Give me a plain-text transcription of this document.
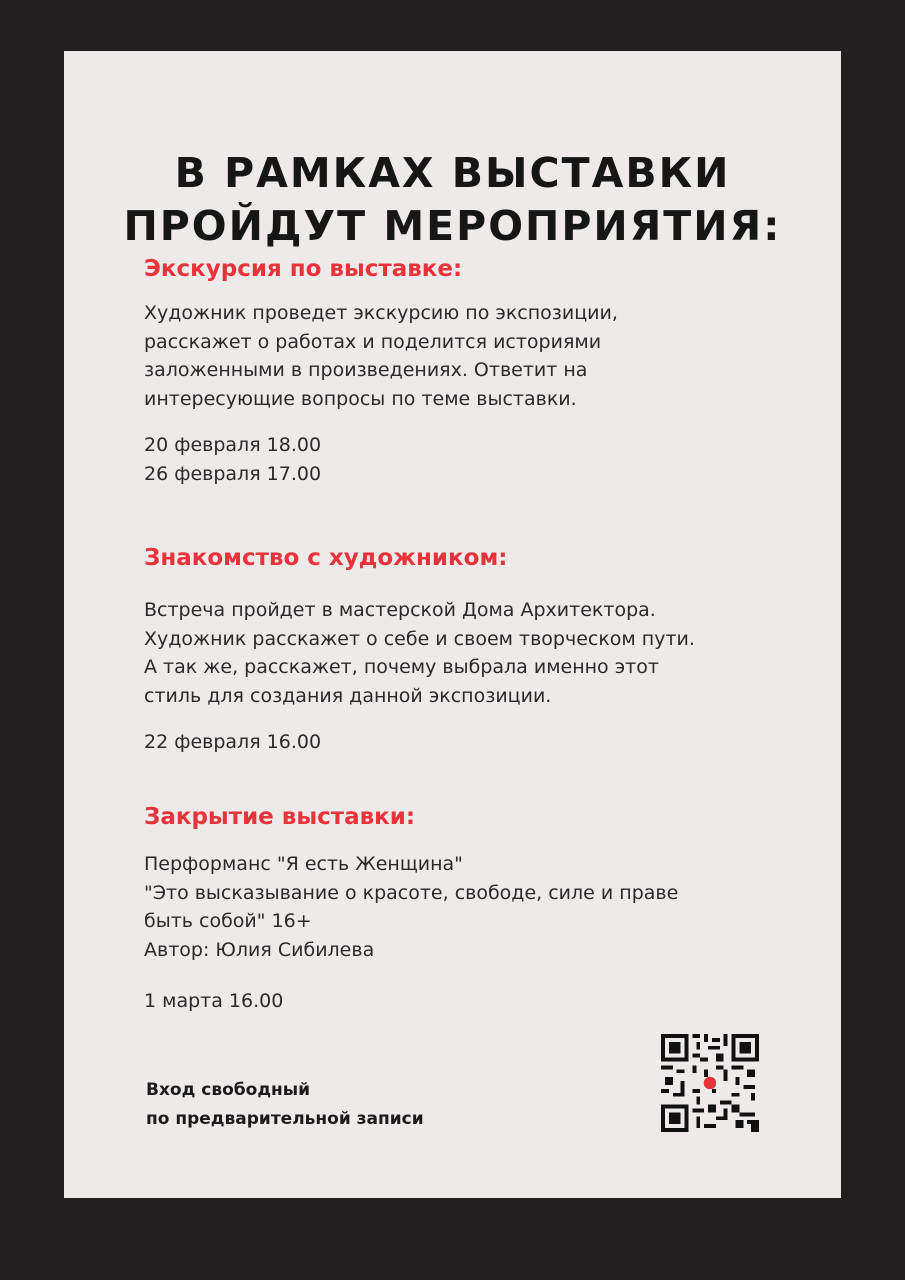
В РАМКАХ ВЫСТАВКИ
ПРОЙДУТ МЕРОПРИЯТИЯ:
Экскурсия по выставке:
Художник проведет экскурсию по экспозиции,
расскажет о работах и поделится историями
заложенными в произведениях. Ответит на
интересующие вопросы по теме выставки.
20 февраля 18.00
26 февраля 17.00
Знакомство с художником:
Встреча пройдет в мастерской Дома Архитектора.
Художник расскажет о себе и своем творческом пути.
А так же, расскажет, почему выбрала именно этот
стиль для создания данной экспозиции.
22 февраля 16.00
Закрытие выставки:
Перформанс "Я есть Женщина"
"Это высказывание о красоте, свободе, силе и праве
быть собой" 16+
Автор: Юлия Сибилева
1 марта 16.00
Вход свободный
по предварительной записи
